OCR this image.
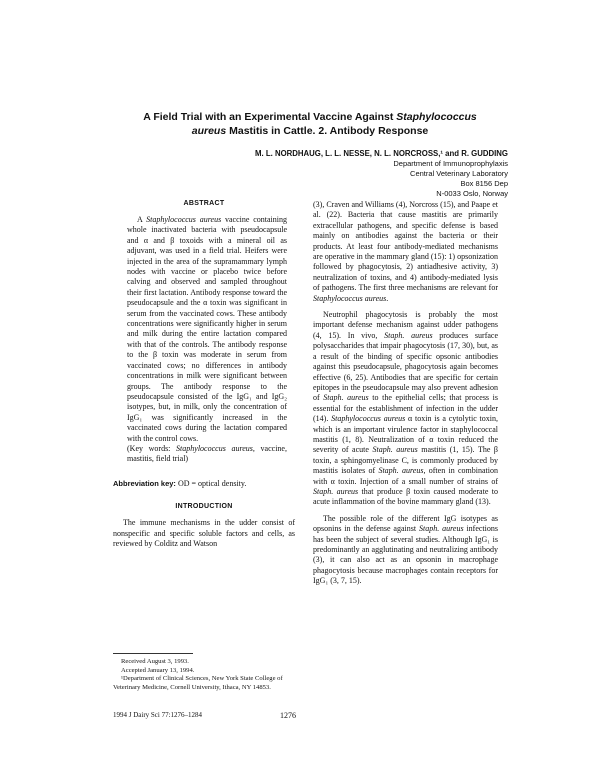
A Field Trial with an Experimental Vaccine Against Staphylococcus
aureus Mastitis in Cattle. 2. Antibody Response
M. L. NORDHAUG, L. L. NESSE, N. L. NORCROSS,¹ and R. GUDDING
Department of Immunoprophylaxis
Central Veterinary Laboratory
Box 8156 Dep
N-0033 Oslo, Norway
ABSTRACT

A Staphylococcus aureus vaccine containing whole inactivated bacteria with pseudocapsule and α and β toxoids with a mineral oil as adjuvant, was used in a field trial. Heifers were injected in the area of the supramammary lymph nodes with vaccine or placebo twice before calving and observed and sampled throughout their first lactation. Antibody response toward the pseudocapsule and the α toxin was significant in serum from the vaccinated cows. These antibody concentrations were significantly higher in serum and milk during the entire lactation compared with that of the controls. The antibody response to the β toxin was moderate in serum from vaccinated cows; no differences in antibody concentrations in milk were significant between groups. The antibody response to the pseudocapsule consisted of the IgG₁ and IgG₂ isotypes, but, in milk, only the concentration of IgG₁ was significantly increased in the vaccinated cows during the lactation compared with the control cows.

(Key words: Staphylococcus aureus, vaccine, mastitis, field trial)

Abbreviation key: OD = optical density.
INTRODUCTION

The immune mechanisms in the udder consist of nonspecific and specific soluble factors and cells, as reviewed by Colditz and Watson

(3), Craven and Williams (4), Norcross (15), and Paape et al. (22). Bacteria that cause mastitis are primarily extracellular pathogens, and specific defense is based mainly on antibodies against the bacteria or their products. At least four antibody-mediated mechanisms are operative in the mammary gland (15): 1) opsonization followed by phagocytosis, 2) antiadhesive activity, 3) neutralization of toxins, and 4) antibody-mediated lysis of pathogens. The first three mechanisms are relevant for Staphylococcus aureus.

Neutrophil phagocytosis is probably the most important defense mechanism against udder pathogens (4, 15). In vivo, Staph. aureus produces surface polysaccharides that impair phagocytosis (17, 30), but, as a result of the binding of specific opsonic antibodies against this pseudocapsule, phagocytosis again becomes effective (6, 25). Antibodies that are specific for certain epitopes in the pseudocapsule may also prevent adhesion of Staph. aureus to the epithelial cells; that process is essential for the establishment of infection in the udder (14). Staphylococcus aureus α toxin is a cytolytic toxin, which is an important virulence factor in staphylococcal mastitis (1, 8). Neutralization of α toxin reduced the severity of acute Staph. aureus mastitis (1, 15). The β toxin, a sphingomyelinase C, is commonly produced by mastitis isolates of Staph. aureus, often in combination with α toxin. Injection of a small number of strains of Staph. aureus that produce β toxin caused moderate to acute inflammation of the bovine mammary gland (13).

The possible role of the different IgG isotypes as opsonins in the defense against Staph. aureus infections has been the subject of several studies. Although IgG₁ is predominantly an agglutinating and neutralizing antibody (3), it can also act as an opsonin in macrophage phagocytosis because macrophages contain receptors for IgG₁ (3, 7, 15).

Received August 3, 1993.
Accepted January 13, 1994.
¹Department of Clinical Sciences, New York State College of Veterinary Medicine, Cornell University, Ithaca, NY 14853.
1994 J Dairy Sci 77:1276–1284	1276
